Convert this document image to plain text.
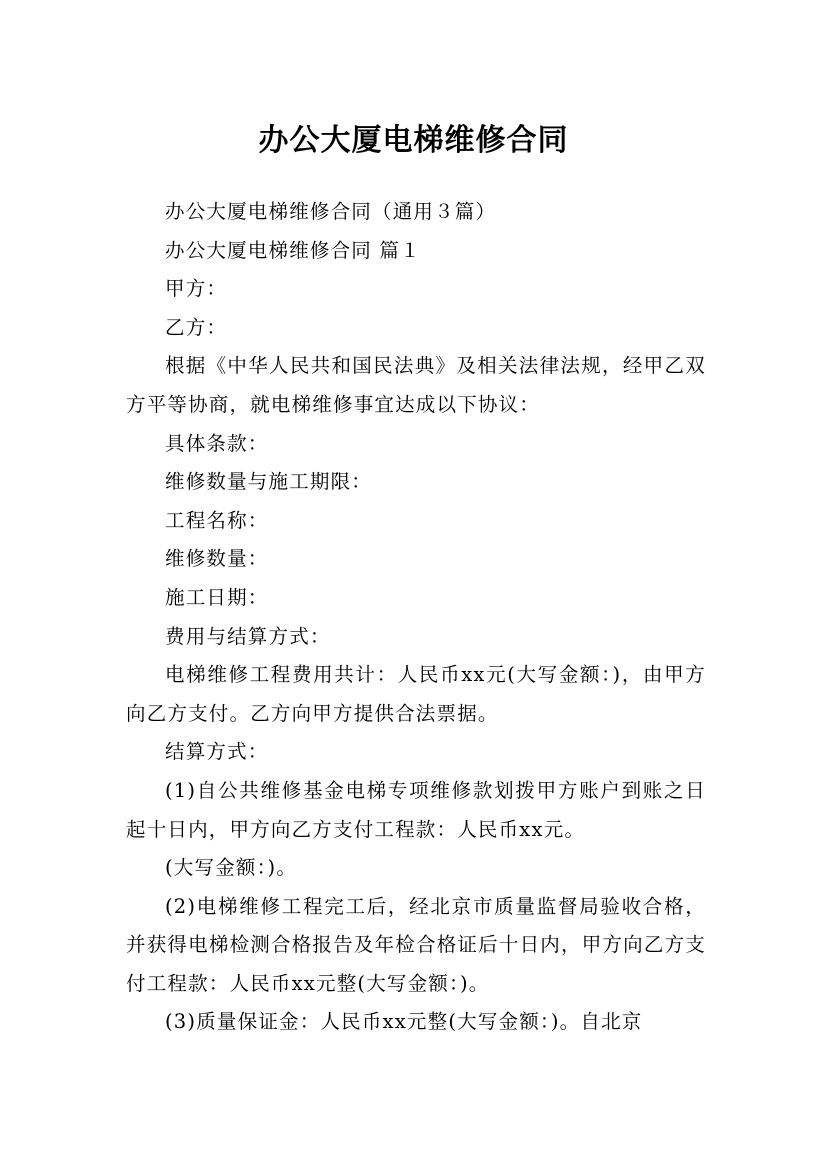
办公大厦电梯维修合同

办公大厦电梯维修合同（通用３篇）

办公大厦电梯维修合同 篇１

甲方：

乙方：

根据《中华人民共和国民法典》及相关法律法规，经甲乙双方平等协商，就电梯维修事宜达成以下协议：

具体条款：

维修数量与施工期限：

工程名称：

维修数量：

施工日期：

费用与结算方式：

电梯维修工程费用共计：人民币xx元(大写金额：)，由甲方向乙方支付。乙方向甲方提供合法票据。

结算方式：

(1)自公共维修基金电梯专项维修款划拨甲方账户到账之日起十日内，甲方向乙方支付工程款：人民币xx元。

(大写金额：)。

(2)电梯维修工程完工后，经北京市质量监督局验收合格，并获得电梯检测合格报告及年检合格证后十日内，甲方向乙方支付工程款：人民币xx元整(大写金额：)。

(3)质量保证金：人民币xx元整(大写金额：)。自北京
